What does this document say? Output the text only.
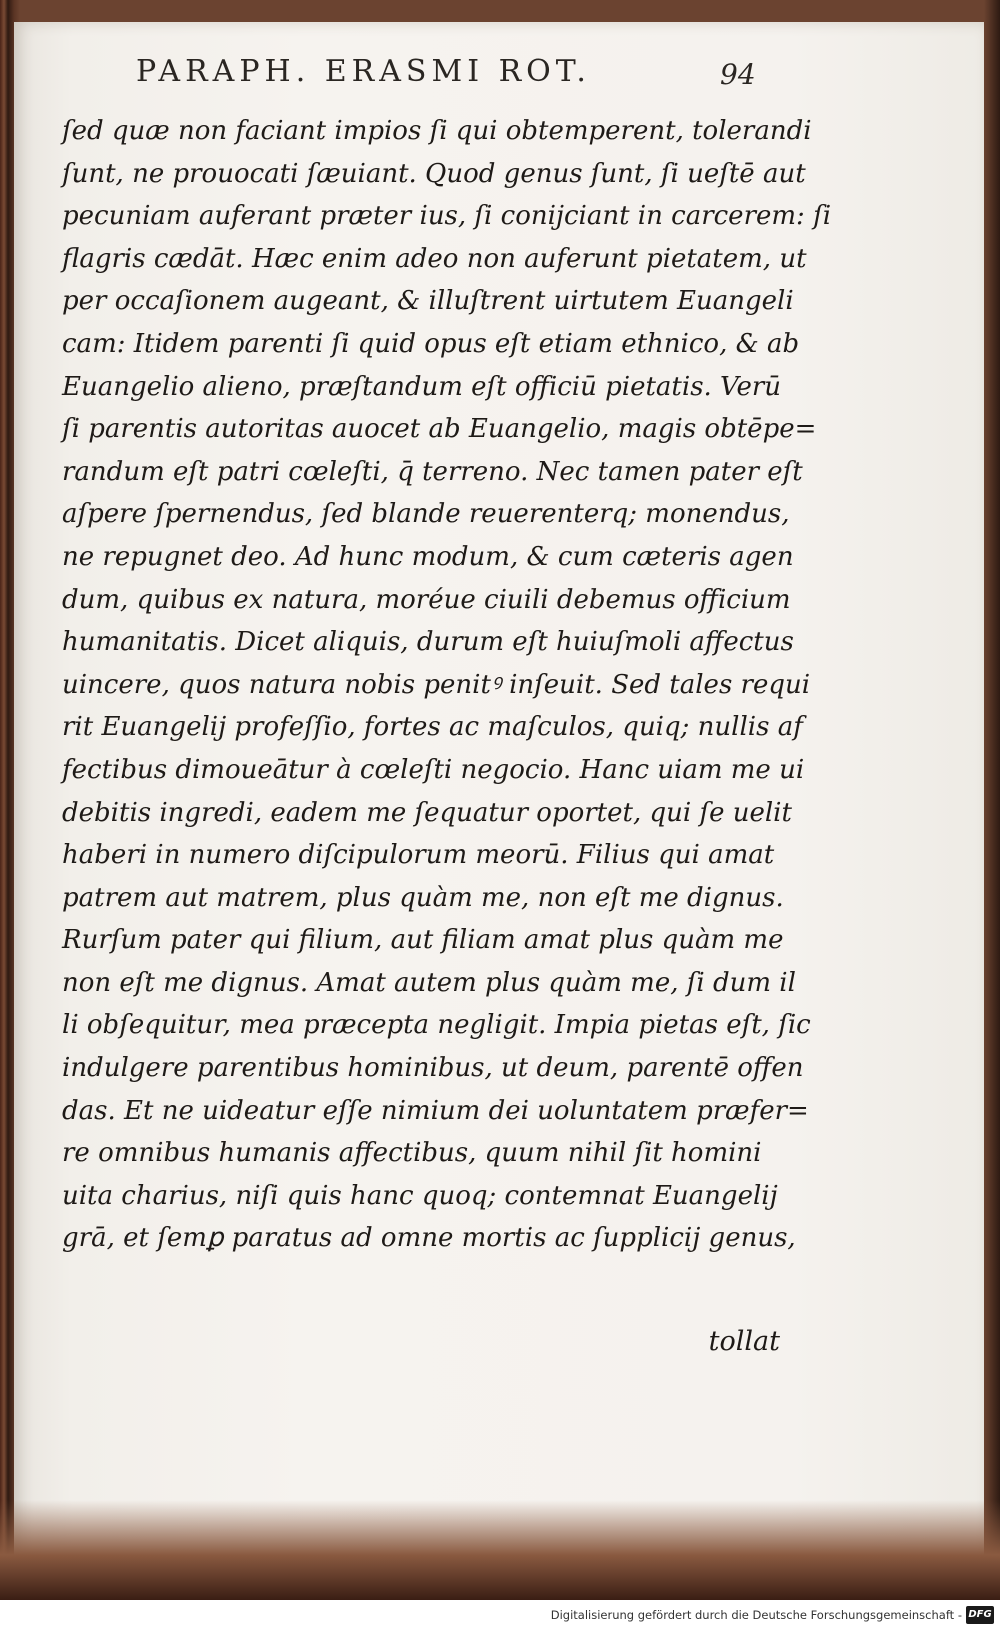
PARAPH. ERASMI ROT.	94
ſed quæ non faciant impios ſi qui obtemperent, tolerandi
ſunt, ne prouocati ſæuiant. Quod genus ſunt, ſi ueſtē aut
pecuniam auferant præter ius, ſi conijciant in carcerem: ſi
flagris cædāt. Hæc enim adeo non auferunt pietatem, ut
per occaſionem augeant, & illuſtrent uirtutem Euangeli
cam: Itidem parenti ſi quid opus eſt etiam ethnico, & ab
Euangelio alieno, præſtandum eſt officiū pietatis. Verū
ſi parentis autoritas auocet ab Euangelio, magis obtēpe=
randum eſt patri cœleſti, q̄ terreno. Nec tamen pater eſt
aſpere ſpernendus, ſed blande reuerenterq; monendus,
ne repugnet deo. Ad hunc modum, & cum cæteris agen
dum, quibus ex natura, moréue ciuili debemus officium
humanitatis. Dicet aliquis, durum eſt huiuſmoli affectus
uincere, quos natura nobis penitꝰ inſeuit. Sed tales requi
rit Euangelij profeſſio, fortes ac maſculos, quiq; nullis af
fectibus dimoueātur à cœleſti negocio. Hanc uiam me ui
debitis ingredi, eadem me ſequatur oportet, qui ſe uelit
haberi in numero diſcipulorum meorū. Filius qui amat
patrem aut matrem, plus quàm me, non eſt me dignus.
Rurſum pater qui filium, aut filiam amat plus quàm me
non eſt me dignus. Amat autem plus quàm me, ſi dum il
li obſequitur, mea præcepta negligit. Impia pietas eſt, ſic
indulgere parentibus hominibus, ut deum, parentē offen
das. Et ne uideatur eſſe nimium dei uoluntatem præfer=
re omnibus humanis affectibus, quum nihil ſit homini
uita charius, niſi quis hanc quoq; contemnat Euangelij
grā, et ſemꝑ paratus ad omne mortis ac ſupplicij genus,
tollat
Digitalisierung gefördert durch die Deutsche Forschungsgemeinschaft - DFG
